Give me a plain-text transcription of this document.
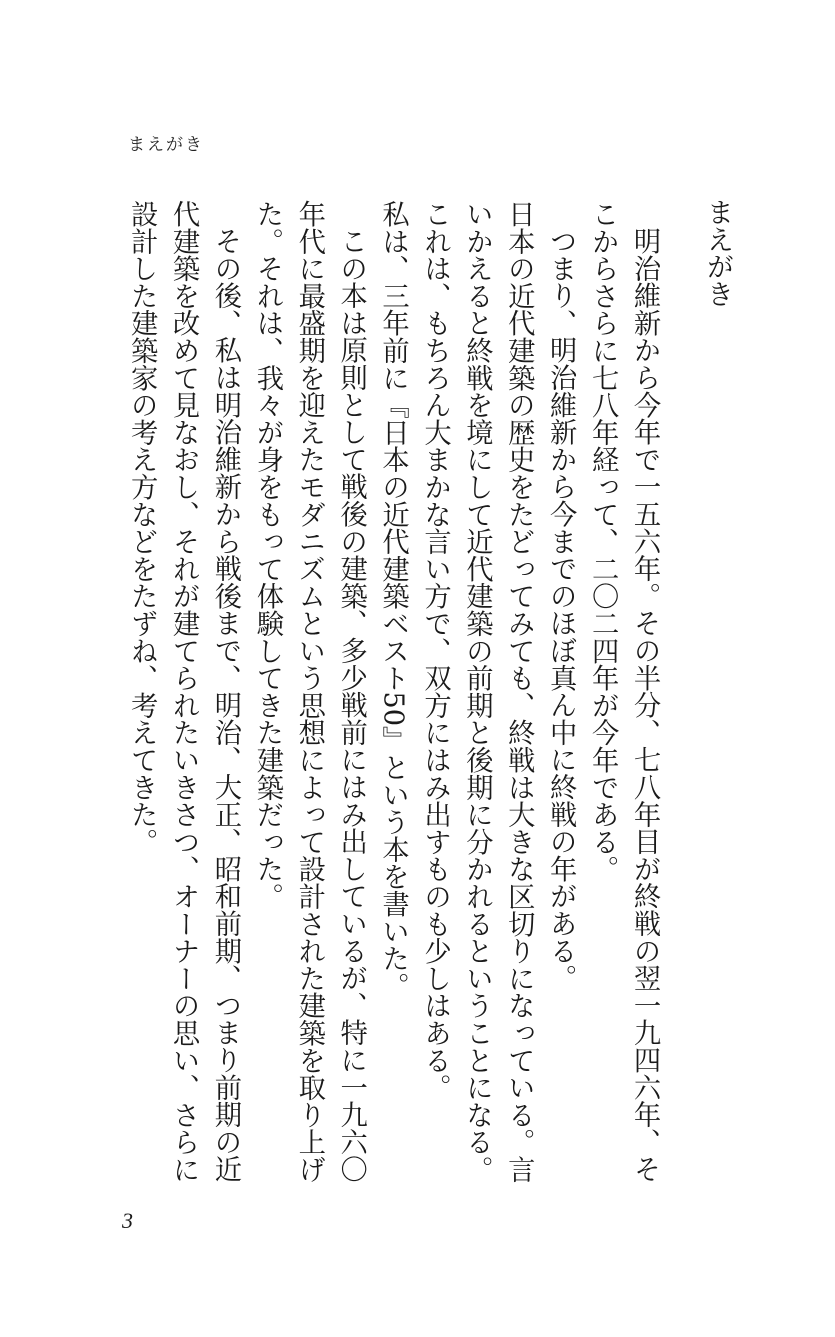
まえがき
まえがき

明治維新から今年で一五六年。その半分、七八年目が終戦の翌一九四六年、そこからさらに七八年経って、二〇二四年が今年である。

つまり、明治維新から今までのほぼ真ん中に終戦の年がある。

日本の近代建築の歴史をたどってみても、終戦は大きな区切りになっている。言いかえると終戦を境にして近代建築の前期と後期に分かれるということになる。これは、もちろん大まかな言い方で、双方にはみ出すものも少しはある。

私は、三年前に『日本の近代建築ベスト50』という本を書いた。

この本は原則として戦後の建築、多少戦前にはみ出しているが、特に一九六〇年代に最盛期を迎えたモダニズムという思想によって設計された建築を取り上げた。それは、我々が身をもって体験してきた建築だった。

その後、私は明治維新から戦後まで、明治、大正、昭和前期、つまり前期の近代建築を改めて見なおし、それが建てられたいきさつ、オーナーの思い、さらに設計した建築家の考え方などをたずね、考えてきた。

3
